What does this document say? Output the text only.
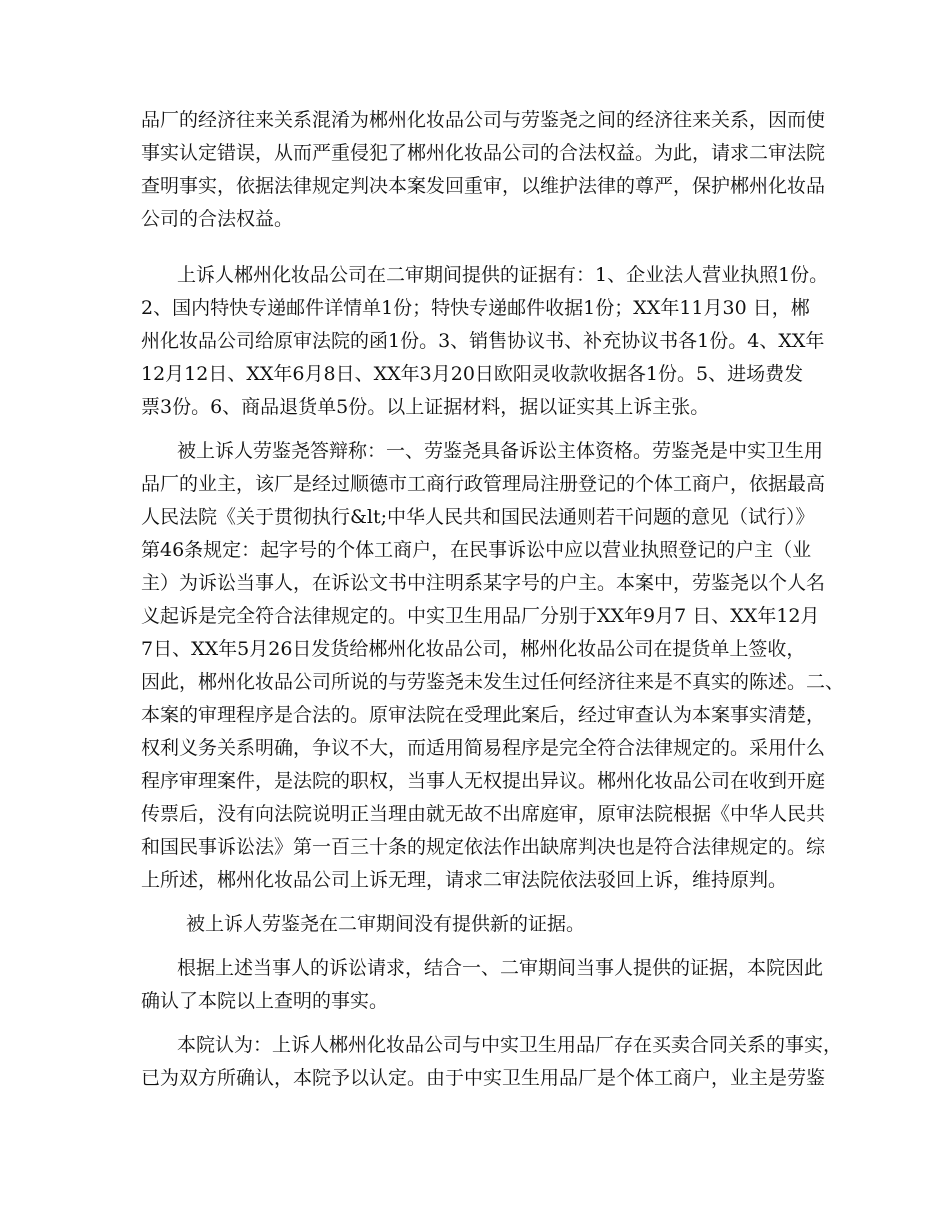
品厂的经济往来关系混淆为郴州化妆品公司与劳鉴尧之间的经济往来关系，因而使
事实认定错误，从而严重侵犯了郴州化妆品公司的合法权益。为此，请求二审法院
查明事实，依据法律规定判决本案发回重审，以维护法律的尊严，保护郴州化妆品
公司的合法权益。
上诉人郴州化妆品公司在二审期间提供的证据有：1、企业法人营业执照1份。
2、国内特快专递邮件详情单1份；特快专递邮件收据1份；XX年11月30 日，郴
州化妆品公司给原审法院的函1份。3、销售协议书、补充协议书各1份。4、XX年
12月12日、XX年6月8日、XX年3月20日欧阳灵收款收据各1份。5、进场费发
票3份。6、商品退货单5份。以上证据材料，据以证实其上诉主张。
被上诉人劳鉴尧答辩称：一、劳鉴尧具备诉讼主体资格。劳鉴尧是中实卫生用
品厂的业主，该厂是经过顺德市工商行政管理局注册登记的个体工商户，依据最高
人民法院《关于贯彻执行&lt;中华人民共和国民法通则若干问题的意见（试行）》
第46条规定：起字号的个体工商户，在民事诉讼中应以营业执照登记的户主（业
主）为诉讼当事人，在诉讼文书中注明系某字号的户主。本案中，劳鉴尧以个人名
义起诉是完全符合法律规定的。中实卫生用品厂分别于XX年9月7 日、XX年12月
7日、XX年5月26日发货给郴州化妆品公司，郴州化妆品公司在提货单上签收，
因此，郴州化妆品公司所说的与劳鉴尧未发生过任何经济往来是不真实的陈述。二、
本案的审理程序是合法的。原审法院在受理此案后，经过审查认为本案事实清楚，
权利义务关系明确，争议不大，而适用简易程序是完全符合法律规定的。采用什么
程序审理案件，是法院的职权，当事人无权提出异议。郴州化妆品公司在收到开庭
传票后，没有向法院说明正当理由就无故不出席庭审，原审法院根据《中华人民共
和国民事诉讼法》第一百三十条的规定依法作出缺席判决也是符合法律规定的。综
上所述，郴州化妆品公司上诉无理，请求二审法院依法驳回上诉，维持原判。
被上诉人劳鉴尧在二审期间没有提供新的证据。
根据上述当事人的诉讼请求，结合一、二审期间当事人提供的证据，本院因此
确认了本院以上查明的事实。
本院认为：上诉人郴州化妆品公司与中实卫生用品厂存在买卖合同关系的事实，
已为双方所确认，本院予以认定。由于中实卫生用品厂是个体工商户，业主是劳鉴
